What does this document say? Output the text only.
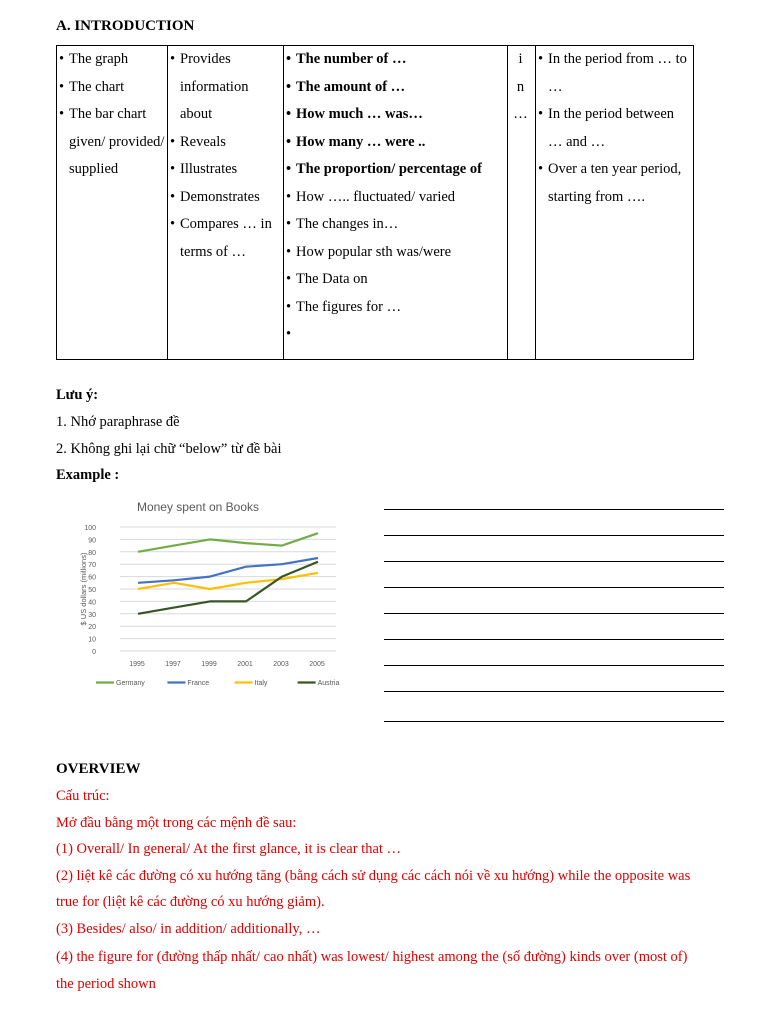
A. INTRODUCTION
• The graph
• The chart
• The bar chart given/ provided/ supplied

• Provides information about
• Reveals
• Illustrates
• Demonstrates
• Compares … in terms of …

• The number of …
• The amount of …
• How much … was…
• How many … were ..
• The proportion/ percentage of
• How ….. fluctuated/ varied
• The changes in…
• How popular sth was/were
• The Data on
• The figures for …

i
n
…

• In the period from … to …
• In the period between … and …
• Over a ten year period, starting from ….
Lưu ý:
1. Nhớ paraphrase đề
2. Không ghi lại chữ “below” từ đề bài
Example :
Money spent on Books
0
10
20
30
40
50
60
70
80
90
100
1995	1997	1999	2001	2003	2005
$ US dollars (millions)
Germany	France	Italy	Austria
OVERVIEW
Cấu trúc:
Mở đầu bằng một trong các mệnh đề sau:
(1) Overall/ In general/ At the first glance, it is clear that …
(2) liệt kê các đường có xu hướng tăng (bằng cách sử dụng các cách nói về xu hướng) while the opposite was
true for (liệt kê các đường có xu hướng giảm).
(3) Besides/ also/ in addition/ additionally, …
(4) the figure for (đường thấp nhất/ cao nhất) was lowest/ highest among the (số đường) kinds over (most of)
the period shown
